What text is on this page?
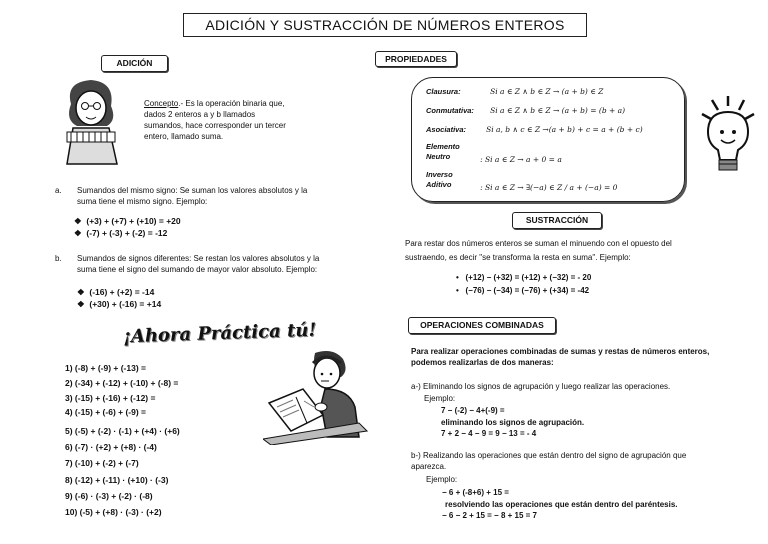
ADICIÓN Y SUSTRACCIÓN DE NÚMEROS ENTEROS
ADICIÓN
Concepto.- Es la operación binaria que,
dados 2 enteros a y b llamados
sumandos, hace corresponder un tercer
entero, llamado suma.
a. Sumandos del mismo signo: Se suman los valores absolutos y la
suma tiene el mismo signo. Ejemplo:
❖ (+3) + (+7) + (+10) = +20
❖ (-7) + (-3) + (-2) = -12
b. Sumandos de signos diferentes: Se restan los valores absolutos y la
suma tiene el signo del sumando de mayor valor absoluto. Ejemplo:
❖ (-16) + (+2) = -14
❖ (+30) + (-16) = +14
¡Ahora Práctica tú!
1) (-8) + (-9) + (-13) =
2) (-34) + (-12) + (-10) + (-8) =
3) (-15) + (-16) + (-12) =
4) (-15) + (-6) + (-9) =
5) (-5) + (-2) · (-1) + (+4) · (+6)
6) (-7) · (+2) + (+8) · (-4)
7) (-10) + (-2) + (-7)
8) (-12) + (-11) · (+10) · (-3)
9) (-6) · (-3) + (-2) · (-8)
10) (-5) + (+8) · (-3) · (+2)
PROPIEDADES
Clausura:	Si a ∈ Z ∧ b ∈ Z → (a + b) ∈ Z
Conmutativa: Si a ∈ Z ∧ b ∈ Z → (a + b) = (b + a)
Asociativa:	Si a, b ∧ c ∈ Z →(a + b) + c = a + (b + c)
Elemento
Neutro	: Si a ∈ Z → a + 0 = a
Inverso
Aditivo	: Si a ∈ Z → ∃(−a) ∈ Z / a + (−a) = 0
SUSTRACCIÓN
Para restar dos números enteros se suman el minuendo con el opuesto del
sustraendo, es decir "se transforma la resta en suma". Ejemplo:
• (+12) − (+32) = (+12) + (−32) = - 20
• (−76) − (−34) = (−76) + (+34) = -42
OPERACIONES COMBINADAS
Para realizar operaciones combinadas de sumas y restas de números enteros,
podemos realizarlas de dos maneras:
a-) Eliminando los signos de agrupación y luego realizar las operaciones.
Ejemplo:
7 − (-2) − 4+(-9) =
eliminando los signos de agrupación.
7 + 2 − 4 − 9 = 9 − 13 = - 4
b-) Realizando las operaciones que están dentro del signo de agrupación que
aparezca.
Ejemplo:
− 6 + (-8+6) + 15 =
resolviendo las operaciones que están dentro del paréntesis.
− 6 − 2 + 15 = − 8 + 15 = 7
